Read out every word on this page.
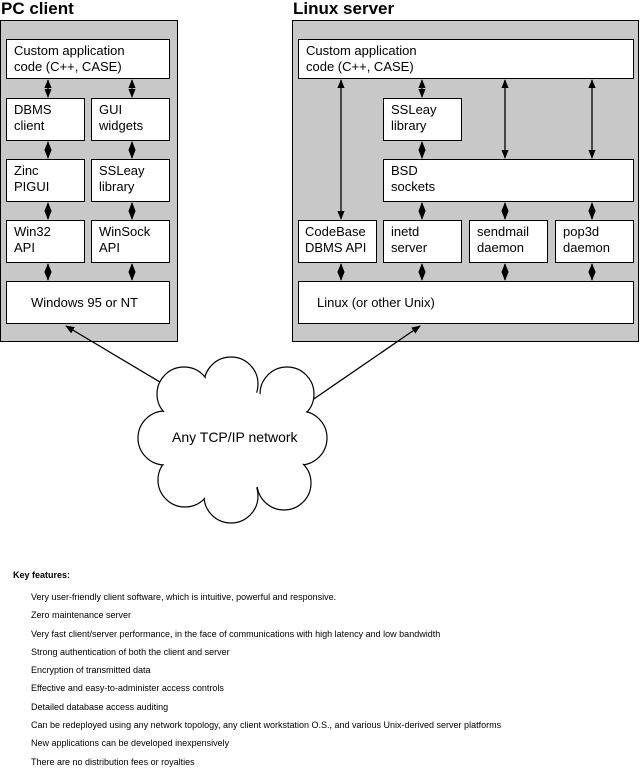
PC client	Linux server
Custom application
code (C++, CASE)
DBMS
client
GUI
widgets
Zinc
PIGUI
SSLeay
library
Win32
API
WinSock
API
Windows 95 or NT
Custom application
code (C++, CASE)
SSLeay
library
BSD
sockets
CodeBase
DBMS API
inetd
server
sendmail
daemon
pop3d
daemon
Linux (or other Unix)
Any TCP/IP network
Key features:
Very user-friendly client software, which is intuitive, powerful and responsive.
Zero maintenance server
Very fast client/server performance, in the face of communications with high latency and low bandwidth
Strong authentication of both the client and server
Encryption of transmitted data
Effective and easy-to-administer access controls
Detailed database access auditing
Can be redeployed using any network topology, any client workstation O.S., and various Unix-derived server platforms
New applications can be developed inexpensively
There are no distribution fees or royalties
